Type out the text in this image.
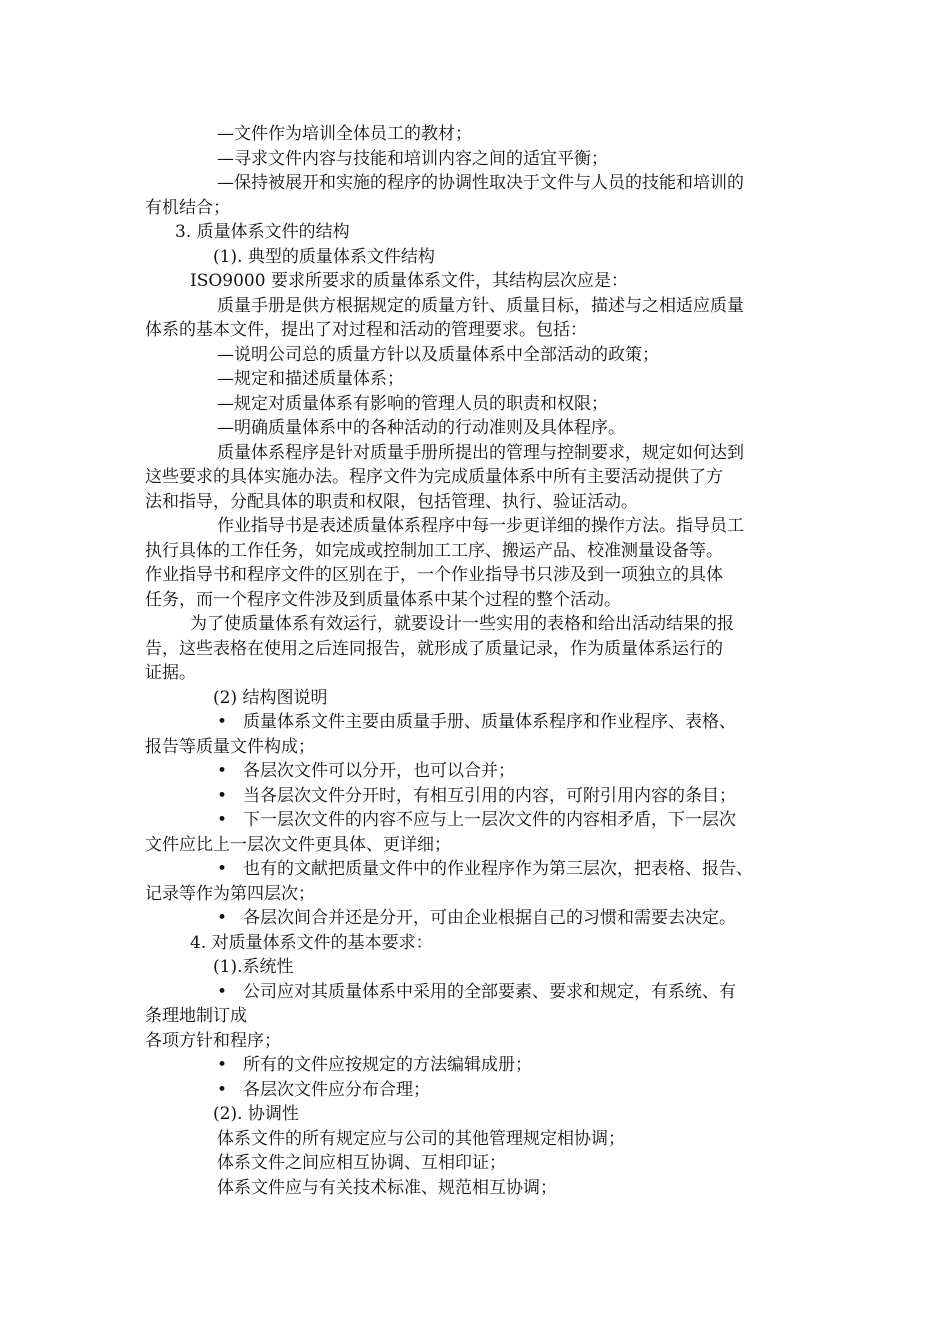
—文件作为培训全体员工的教材；
—寻求文件内容与技能和培训内容之间的适宜平衡；
—保持被展开和实施的程序的协调性取决于文件与人员的技能和培训的
有机结合；
3. 质量体系文件的结构
(1). 典型的质量体系文件结构
ISO9000 要求所要求的质量体系文件，其结构层次应是：
质量手册是供方根据规定的质量方针、质量目标，描述与之相适应质量
体系的基本文件，提出了对过程和活动的管理要求。包括：
—说明公司总的质量方针以及质量体系中全部活动的政策；
—规定和描述质量体系；
—规定对质量体系有影响的管理人员的职责和权限；
—明确质量体系中的各种活动的行动准则及具体程序。
质量体系程序是针对质量手册所提出的管理与控制要求，规定如何达到
这些要求的具体实施办法。程序文件为完成质量体系中所有主要活动提供了方
法和指导，分配具体的职责和权限，包括管理、执行、验证活动。
作业指导书是表述质量体系程序中每一步更详细的操作方法。指导员工
执行具体的工作任务，如完成或控制加工工序、搬运产品、校准测量设备等。
作业指导书和程序文件的区别在于，一个作业指导书只涉及到一项独立的具体
任务，而一个程序文件涉及到质量体系中某个过程的整个活动。
为了使质量体系有效运行，就要设计一些实用的表格和给出活动结果的报
告，这些表格在使用之后连同报告，就形成了质量记录，作为质量体系运行的
证据。
(2) 结构图说明
• 质量体系文件主要由质量手册、质量体系程序和作业程序、表格、
报告等质量文件构成；
• 各层次文件可以分开，也可以合并；
• 当各层次文件分开时，有相互引用的内容，可附引用内容的条目；
• 下一层次文件的内容不应与上一层次文件的内容相矛盾，下一层次
文件应比上一层次文件更具体、更详细；
• 也有的文献把质量文件中的作业程序作为第三层次，把表格、报告、
记录等作为第四层次；
• 各层次间合并还是分开，可由企业根据自己的习惯和需要去决定。
4. 对质量体系文件的基本要求：
(1).系统性
• 公司应对其质量体系中采用的全部要素、要求和规定，有系统、有
条理地制订成
各项方针和程序；
• 所有的文件应按规定的方法编辑成册；
• 各层次文件应分布合理；
(2). 协调性
体系文件的所有规定应与公司的其他管理规定相协调；
体系文件之间应相互协调、互相印证；
体系文件应与有关技术标准、规范相互协调；
